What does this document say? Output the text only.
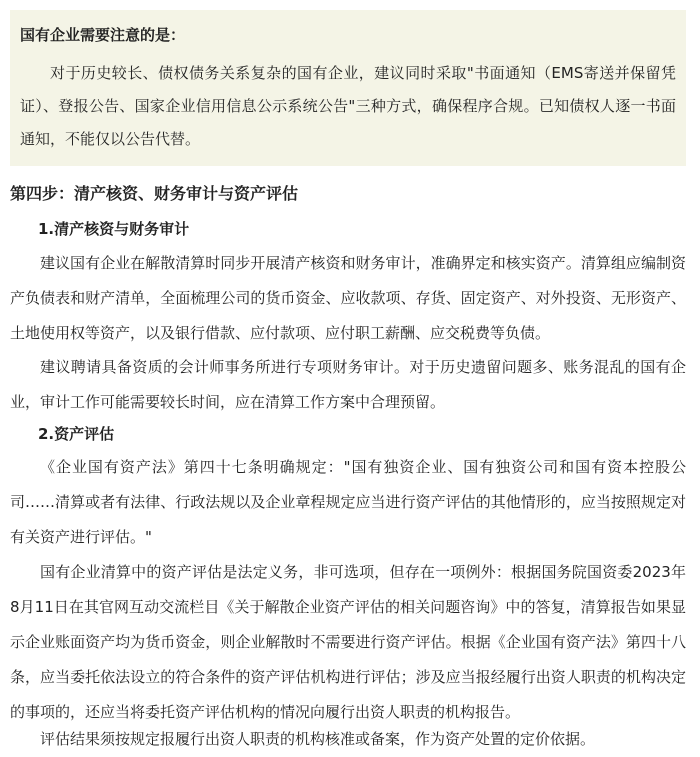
国有企业需要注意的是：

对于历史较长、债权债务关系复杂的国有企业，建议同时采取"书面通知（EMS寄送并保留凭证）、登报公告、国家企业信用信息公示系统公告"三种方式，确保程序合规。已知债权人逐一书面通知，不能仅以公告代替。

第四步：清产核资、财务审计与资产评估
1.清产核资与财务审计

建议国有企业在解散清算时同步开展清产核资和财务审计，准确界定和核实资产。清算组应编制资产负债表和财产清单，全面梳理公司的货币资金、应收款项、存货、固定资产、对外投资、无形资产、土地使用权等资产，以及银行借款、应付款项、应付职工薪酬、应交税费等负债。

建议聘请具备资质的会计师事务所进行专项财务审计。对于历史遗留问题多、账务混乱的国有企业，审计工作可能需要较长时间，应在清算工作方案中合理预留。

2.资产评估

《企业国有资产法》第四十七条明确规定："国有独资企业、国有独资公司和国有资本控股公司……清算或者有法律、行政法规以及企业章程规定应当进行资产评估的其他情形的，应当按照规定对有关资产进行评估。"

国有企业清算中的资产评估是法定义务，非可选项，但存在一项例外：根据国务院国资委2023年8月11日在其官网互动交流栏目《关于解散企业资产评估的相关问题咨询》中的答复，清算报告如果显示企业账面资产均为货币资金，则企业解散时不需要进行资产评估。根据《企业国有资产法》第四十八条，应当委托依法设立的符合条件的资产评估机构进行评估；涉及应当报经履行出资人职责的机构决定的事项的，还应当将委托资产评估机构的情况向履行出资人职责的机构报告。

评估结果须按规定报履行出资人职责的机构核准或备案，作为资产处置的定价依据。
